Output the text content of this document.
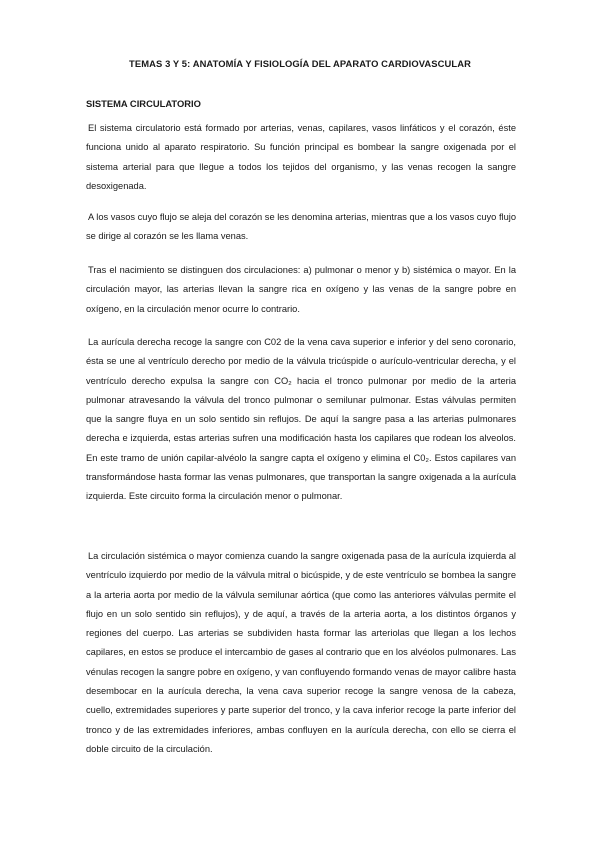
TEMAS 3 Y 5: ANATOMÍA Y FISIOLOGÍA DEL APARATO CARDIOVASCULAR
SISTEMA CIRCULATORIO

El sistema circulatorio está formado por arterias, venas, capilares, vasos linfáticos y el corazón, éste funciona unido al aparato respiratorio. Su función principal es bombear la sangre oxigenada por el sistema arterial para que llegue a todos los tejidos del organismo, y las venas recogen la sangre desoxigenada.

A los vasos cuyo flujo se aleja del corazón se les denomina arterias, mientras que a los vasos cuyo flujo se dirige al corazón se les llama venas.

Tras el nacimiento se distinguen dos circulaciones: a) pulmonar o menor y b) sistémica o mayor. En la circulación mayor, las arterias llevan la sangre rica en oxígeno y las venas de la sangre pobre en oxígeno, en la circulación menor ocurre lo contrario.

La aurícula derecha recoge la sangre con C02 de la vena cava superior e inferior y del seno coronario, ésta se une al ventrículo derecho por medio de la válvula tricúspide o aurículo-ventricular derecha, y el ventrículo derecho expulsa la sangre con CO₂ hacia el tronco pulmonar por medio de la arteria pulmonar atravesando la válvula del tronco pulmonar o semilunar pulmonar. Estas válvulas permiten que la sangre fluya en un solo sentido sin reflujos. De aquí la sangre pasa a las arterias pulmonares derecha e izquierda, estas arterias sufren una modificación hasta los capilares que rodean los alveolos. En este tramo de unión capilar-alvéolo la sangre capta el oxígeno y elimina el C0₂. Estos capilares van transformándose hasta formar las venas pulmonares, que transportan la sangre oxigenada a la aurícula izquierda. Este circuito forma la circulación menor o pulmonar.

La circulación sistémica o mayor comienza cuando la sangre oxigenada pasa de la aurícula izquierda al ventrículo izquierdo por medio de la válvula mitral o bicúspide, y de este ventrículo se bombea la sangre a la arteria aorta por medio de la válvula semilunar aórtica (que como las anteriores válvulas permite el flujo en un solo sentido sin reflujos), y de aquí, a través de la arteria aorta, a los distintos órganos y regiones del cuerpo. Las arterias se subdividen hasta formar las arteriolas que llegan a los lechos capilares, en estos se produce el intercambio de gases al contrario que en los alvéolos pulmonares. Las vénulas recogen la sangre pobre en oxígeno, y van confluyendo formando venas de mayor calibre hasta desembocar en la aurícula derecha, la vena cava superior recoge la sangre venosa de la cabeza, cuello, extremidades superiores y parte superior del tronco, y la cava inferior recoge la parte inferior del tronco y de las extremidades inferiores, ambas confluyen en la aurícula derecha, con ello se cierra el doble circuito de la circulación.
